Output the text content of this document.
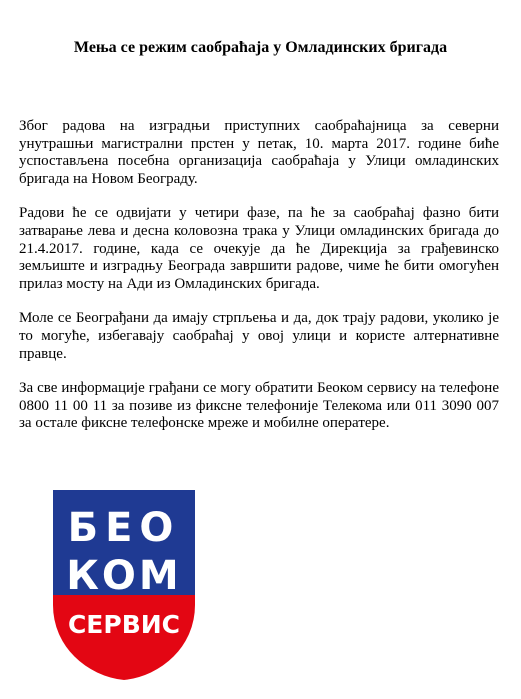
Мења се режим саобраћаја у Омладинских бригада

Због радова на изградњи приступних саобраћајница за северни унутрашњи магистрални прстен у петак, 10. марта 2017. године биће успостављена посебна организација саобраћаја у Улици омладинских бригада на Новом Београду.

Радови ће се одвијати у четири фазе, па ће за саобраћај фазно бити затварање лева и десна коловозна трака у Улици омладинских бригада до 21.4.2017. године, када се очекује да ће Дирекција за грађевинско земљиште и изградњу Београда завршити радове, чиме ће бити омогућен прилаз мосту на Ади из Омладинских бригада.

Моле се Београђани да имају стрпљења и да, док трају радови, уколико је то могуће, избегавају саобраћај у овој улици и користе алтернативне правце.

За све информације грађани се могу обратити Беоком сервису на телефоне 0800 11 00 11 за позиве из фиксне телефоније Телекома или 011 3090 007 за остале фиксне телефонске мреже и мобилне оператере.

БЕО
КОМ
СЕРВИС
